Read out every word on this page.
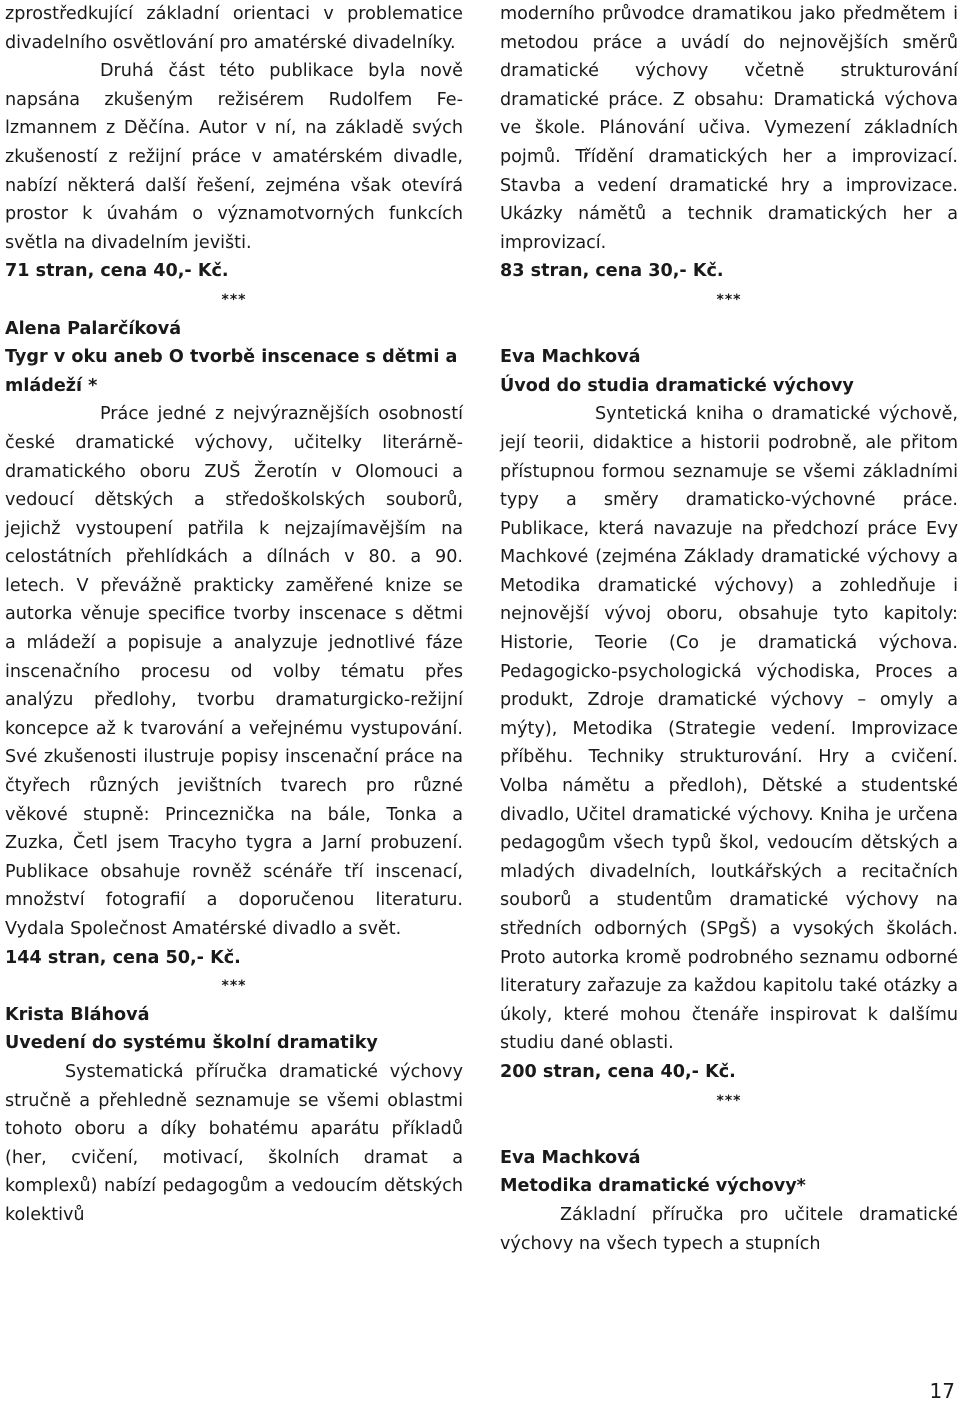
zprostředkující základní orientaci v problematice divadelního osvětlování pro amatérské divadelníky.

Druhá část této publikace byla nově napsána zkušeným režisérem Rudolfem Felzmannem z Děčína. Autor v ní, na základě svých zkušeností z režijní práce v amatérském divadle, nabízí některá další řešení, zejména však otevírá prostor k úvahám o významotvorných funkcích světla na divadelním jevišti.

71 stran, cena 40,- Kč.

***

Alena Palarčíková

Tygr v oku aneb O tvorbě inscenace s dětmi a mládeží *

Práce jedné z nejvýraznějších osobností české dramatické výchovy, učitelky literárně-dramatického oboru ZUŠ Žerotín v Olomouci a vedoucí dětských a středoškolských souborů, jejichž vystoupení patřila k nejzajímavějším na celostátních přehlídkách a dílnách v 80. a 90. letech. V převážně prakticky zaměřené knize se autorka věnuje specifice tvorby inscenace s dětmi a mládeží a popisuje a analyzuje jednotlivé fáze inscenačního procesu od volby tématu přes analýzu předlohy, tvorbu dramaturgicko-režijní koncepce až k tvarování a veřejnému vystupování. Své zkušenosti ilustruje popisy inscenační práce na čtyřech různých jevištních tvarech pro různé věkové stupně: Princeznička na bále, Tonka a Zuzka, Četl jsem Tracyho tygra a Jarní probuzení. Publikace obsahuje rovněž scénáře tří inscenací, množství fotografií a doporučenou literaturu. Vydala Společnost Amatérské divadlo a svět.

144 stran, cena 50,- Kč.

***

Krista Bláhová

Uvedení do systému školní dramatiky

Systematická příručka dramatické výchovy stručně a přehledně seznamuje se všemi oblastmi tohoto oboru a díky bohatému aparátu příkladů (her, cvičení, motivací, školních dramat a komplexů) nabízí pedagogům a vedoucím dětských kolektivů

moderního průvodce dramatikou jako předmětem i metodou práce a uvádí do nejnovějších směrů dramatické výchovy včetně strukturování dramatické práce. Z obsahu: Dramatická výchova ve škole. Plánování učiva. Vymezení základních pojmů. Třídění dramatických her a improvizací. Stavba a vedení dramatické hry a improvizace. Ukázky námětů a technik dramatických her a improvizací.

83 stran, cena 30,- Kč.

***

Eva Machková

Úvod do studia dramatické výchovy

Syntetická kniha o dramatické výchově, její teorii, didaktice a historii podrobně, ale přitom přístupnou formou seznamuje se všemi základními typy a směry dramaticko-výchovné práce. Publikace, která navazuje na předchozí práce Evy Machkové (zejména Základy dramatické výchovy a Metodika dramatické výchovy) a zohledňuje i nejnovější vývoj oboru, obsahuje tyto kapitoly: Historie, Teorie (Co je dramatická výchova. Pedagogicko-psychologická východiska, Proces a produkt, Zdroje dramatické výchovy – omyly a mýty), Metodika (Strategie vedení. Improvizace příběhu. Techniky strukturování. Hry a cvičení. Volba námětu a předloh), Dětské a studentské divadlo, Učitel dramatické výchovy. Kniha je určena pedagogům všech typů škol, vedoucím dětských a mladých divadelních, loutkářských a recitačních souborů a studentům dramatické výchovy na středních odborných (SPgŠ) a vysokých školách. Proto autorka kromě podrobného seznamu odborné literatury zařazuje za každou kapitolu také otázky a úkoly, které mohou čtenáře inspirovat k dalšímu studiu dané oblasti.

200 stran, cena 40,- Kč.

***

Eva Machková

Metodika dramatické výchovy*

Základní příručka pro učitele dramatické výchovy na všech typech a stupních

17
